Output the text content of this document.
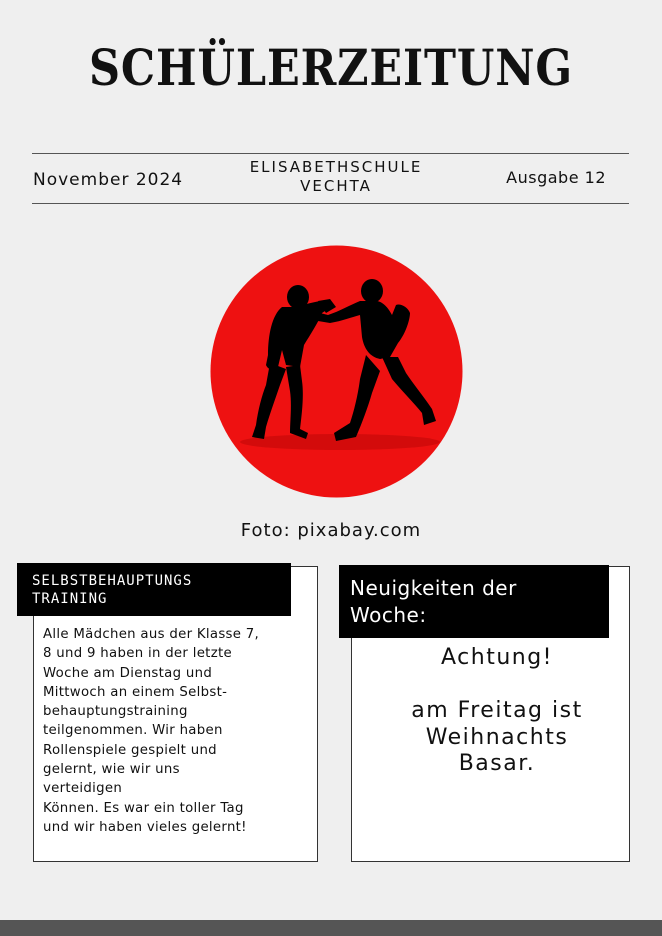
SCHÜLERZEITUNG
November 2024
ELISABETHSCHULE
VECHTA	Ausgabe 12
Foto: pixabay.com
SELBSTBEHAUPTUNGS
TRAINING
Alle Mädchen aus der Klasse 7,
8 und 9 haben in der letzte
Woche am Dienstag und
Mittwoch an einem Selbst-
behauptungstraining
teilgenommen. Wir haben
Rollenspiele gespielt und
gelernt, wie wir uns
verteidigen
Können. Es war ein toller Tag
und wir haben vieles gelernt!
Neuigkeiten der
Woche:
Achtung!

am Freitag ist
Weihnachts
Basar.
